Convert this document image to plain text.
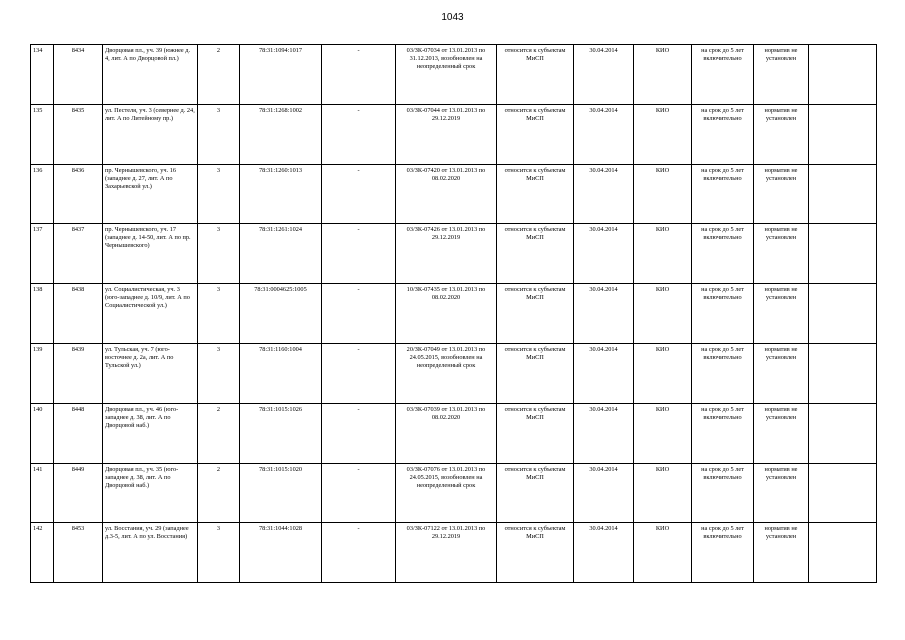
1043
134	8434	Дворцовая пл., уч. 39 (южнее д. 4, лит. А по Дворцовой пл.)	2	78:31:1094:1017	-	03/ЗК-07034 от 13.01.2013 по 31.12.2013, возобновлен на неопределенный срок	относится к субъектам МиСП	30.04.2014	КИО	на срок до 5 лет включительно	норматив не установлен	
135	8435	ул. Пестеля, уч. 3 (севернее д. 24, лит. А по Литейному пр.)	3	78:31:1268:1002	-	03/ЗК-07044 от 13.01.2013 по 29.12.2019	относится к субъектам МиСП	30.04.2014	КИО	на срок до 5 лет включительно	норматив не установлен	
136	8436	пр. Чернышевского, уч. 16 (западнее д. 27, лит. А по Захарьевской ул.)	3	78:31:1260:1013	-	03/ЗК-07420 от 13.01.2013 по 08.02.2020	относится к субъектам МиСП	30.04.2014	КИО	на срок до 5 лет включительно	норматив не установлен	
137	8437	пр. Чернышевского, уч. 17 (западнее д. 14-50, лит. А по пр. Чернышевского)	3	78:31:1261:1024	-	03/ЗК-07426 от 13.01.2013 по 29.12.2019	относится к субъектам МиСП	30.04.2014	КИО	на срок до 5 лет включительно	норматив не установлен	
138	8438	ул. Социалистическая, уч. 3 (юго-западнее д. 10/9, лит. А по Социалистической ул.)	3	78:31:0004625:1005	-	10/ЗК-07435 от 13.01.2013 по 08.02.2020	относится к субъектам МиСП	30.04.2014	КИО	на срок до 5 лет включительно	норматив не установлен	
139	8439	ул. Тульская, уч. 7 (юго-восточнее д. 2а, лит. А по Тульской ул.)	3	78:31:1160:1004	-	20/ЗК-07049 от 13.01.2013 по 24.05.2015, возобновлен на неопределенный срок	относится к субъектам МиСП	30.04.2014	КИО	на срок до 5 лет включительно	норматив не установлен	
140	8448	Дворцовая пл., уч. 46 (юго-западнее д. 38, лит. А по Дворцовой наб.)	2	78:31:1015:1026	-	03/ЗК-07039 от 13.01.2013 по 08.02.2020	относится к субъектам МиСП	30.04.2014	КИО	на срок до 5 лет включительно	норматив не установлен	
141	8449	Дворцовая пл., уч. 35 (юго-западнее д. 38, лит. А по Дворцовой наб.)	2	78:31:1015:1020	-	03/ЗК-07076 от 13.01.2013 по 24.05.2015, возобновлен на неопределенный срок	относится к субъектам МиСП	30.04.2014	КИО	на срок до 5 лет включительно	норматив не установлен	
142	8453	ул. Восстания, уч. 29 (западнее д.3-5, лит. А по ул. Восстания)	3	78:31:1044:1028	-	03/ЗК-07122 от 13.01.2013 по 29.12.2019	относится к субъектам МиСП	30.04.2014	КИО	на срок до 5 лет включительно	норматив не установлен	
